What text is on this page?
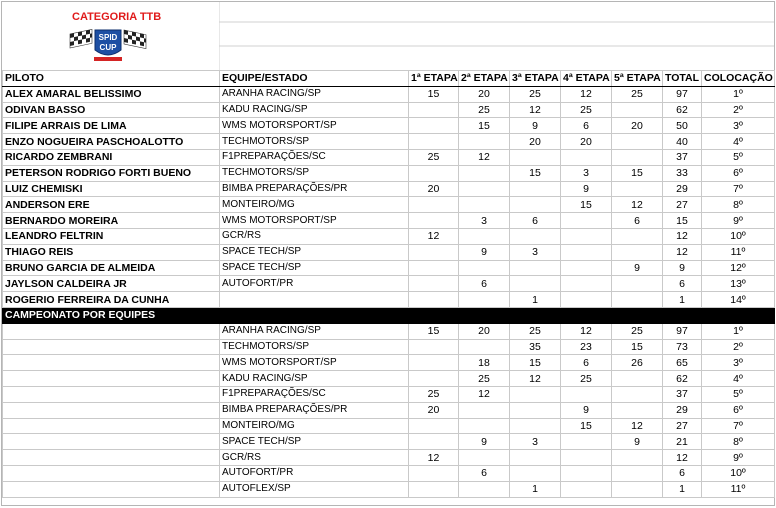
CATEGORIA TTB
SPID
CUP
PILOTO	EQUIPE/ESTADO	1ª ETAPA	2ª ETAPA	3ª ETAPA	4ª ETAPA	5ª ETAPA	TOTAL	COLOCAÇÃO
ALEX AMARAL BELISSIMO	ARANHA RACING/SP	15	20	25	12	25	97	1º
ODIVAN BASSO	KADU RACING/SP		25	12	25		62	2º
FILIPE ARRAIS DE LIMA	WMS MOTORSPORT/SP		15	9	6	20	50	3º
ENZO NOGUEIRA PASCHOALOTTO	TECHMOTORS/SP			20	20		40	4º
RICARDO ZEMBRANI	F1PREPARAÇÕES/SC	25	12				37	5º
PETERSON RODRIGO FORTI BUENO	TECHMOTORS/SP			15	3	15	33	6º
LUIZ CHEMISKI	BIMBA PREPARAÇÕES/PR	20			9		29	7º
ANDERSON ERE	MONTEIRO/MG				15	12	27	8º
BERNARDO MOREIRA	WMS MOTORSPORT/SP		3	6		6	15	9º
LEANDRO FELTRIN	GCR/RS	12					12	10º
THIAGO REIS	SPACE TECH/SP		9	3			12	11º
BRUNO GARCIA DE ALMEIDA	SPACE TECH/SP					9	9	12º
JAYLSON CALDEIRA JR	AUTOFORT/PR		6				6	13º
ROGERIO FERREIRA DA CUNHA				1			1	14º
CAMPEONATO POR EQUIPES								
	ARANHA RACING/SP	15	20	25	12	25	97	1º
	TECHMOTORS/SP			35	23	15	73	2º
	WMS MOTORSPORT/SP		18	15	6	26	65	3º
	KADU RACING/SP		25	12	25		62	4º
	F1PREPARAÇÕES/SC	25	12				37	5º
	BIMBA PREPARAÇÕES/PR	20			9		29	6º
	MONTEIRO/MG				15	12	27	7º
	SPACE TECH/SP		9	3		9	21	8º
	GCR/RS	12					12	9º
	AUTOFORT/PR		6				6	10º
	AUTOFLEX/SP			1			1	11º
